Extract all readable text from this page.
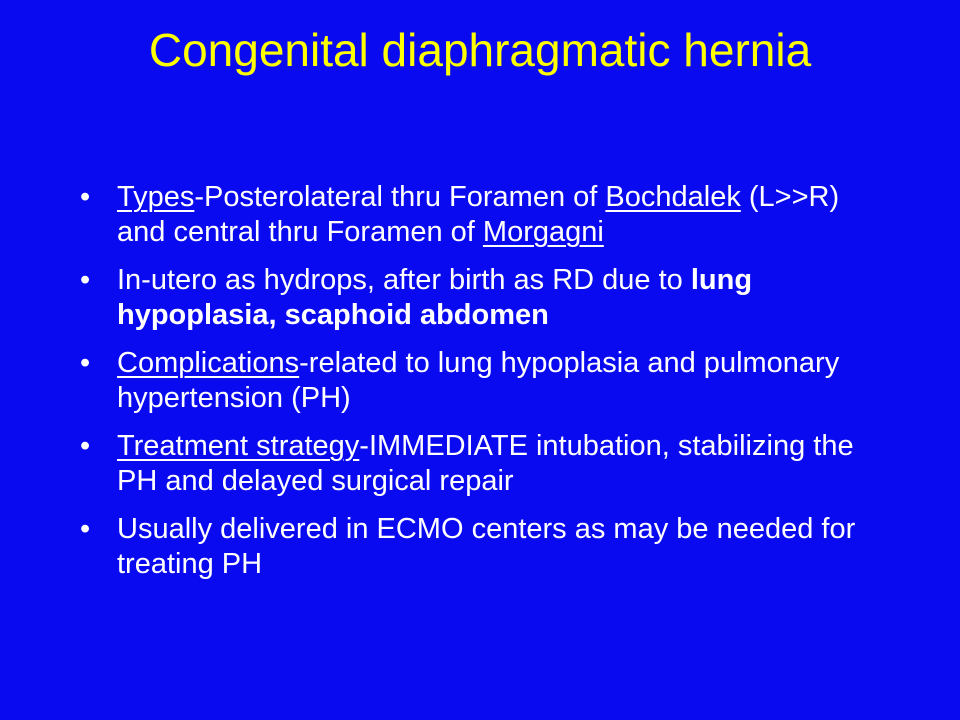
Congenital diaphragmatic hernia
• Types-Posterolateral thru Foramen of Bochdalek (L>>R) and central thru Foramen of Morgagni
• In-utero as hydrops, after birth as RD due to lung hypoplasia, scaphoid abdomen
• Complications-related to lung hypoplasia and pulmonary hypertension (PH)
• Treatment strategy-IMMEDIATE intubation, stabilizing the PH and delayed surgical repair
• Usually delivered in ECMO centers as may be needed for treating PH
